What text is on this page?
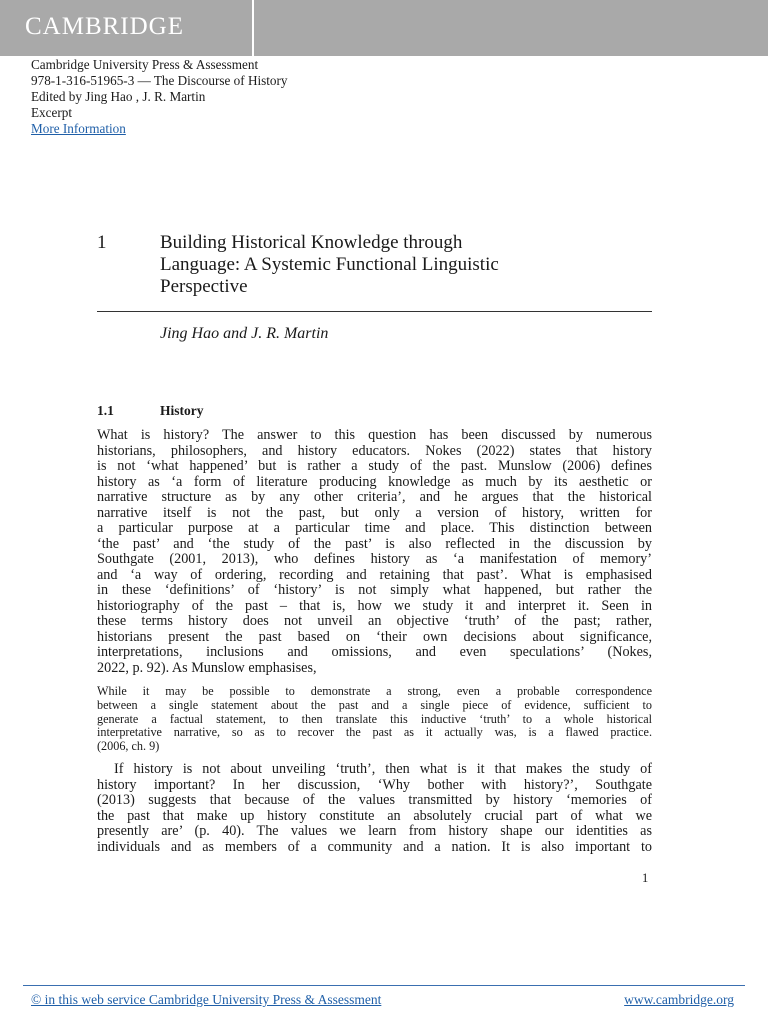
CAMBRIDGE
Cambridge University Press & Assessment
978-1-316-51965-3 — The Discourse of History
Edited by Jing Hao , J. R. Martin
Excerpt
More Information
1	Building Historical Knowledge through
Language: A Systemic Functional Linguistic
Perspective
Jing Hao and J. R. Martin
1.1	History
What is history? The answer to this question has been discussed by numerous
historians, philosophers, and history educators. Nokes (2022) states that history
is not ‘what happened’ but is rather a study of the past. Munslow (2006) defines
history as ‘a form of literature producing knowledge as much by its aesthetic or
narrative structure as by any other criteria’, and he argues that the historical
narrative itself is not the past, but only a version of history, written for
a particular purpose at a particular time and place. This distinction between
‘the past’ and ‘the study of the past’ is also reflected in the discussion by
Southgate (2001, 2013), who defines history as ‘a manifestation of memory’
and ‘a way of ordering, recording and retaining that past’. What is emphasised
in these ‘definitions’ of ‘history’ is not simply what happened, but rather the
historiography of the past – that is, how we study it and interpret it. Seen in
these terms history does not unveil an objective ‘truth’ of the past; rather,
historians present the past based on ‘their own decisions about significance,
interpretations, inclusions and omissions, and even speculations’ (Nokes,
2022, p. 92). As Munslow emphasises,
While it may be possible to demonstrate a strong, even a probable correspondence
between a single statement about the past and a single piece of evidence, sufficient to
generate a factual statement, to then translate this inductive ‘truth’ to a whole historical
interpretative narrative, so as to recover the past as it actually was, is a flawed practice.
(2006, ch. 9)
If history is not about unveiling ‘truth’, then what is it that makes the study of
history important? In her discussion, ‘Why bother with history?’, Southgate
(2013) suggests that because of the values transmitted by history ‘memories of
the past that make up history constitute an absolutely crucial part of what we
presently are’ (p. 40). The values we learn from history shape our identities as
individuals and as members of a community and a nation. It is also important to
1
© in this web service Cambridge University Press & Assessment	www.cambridge.org
